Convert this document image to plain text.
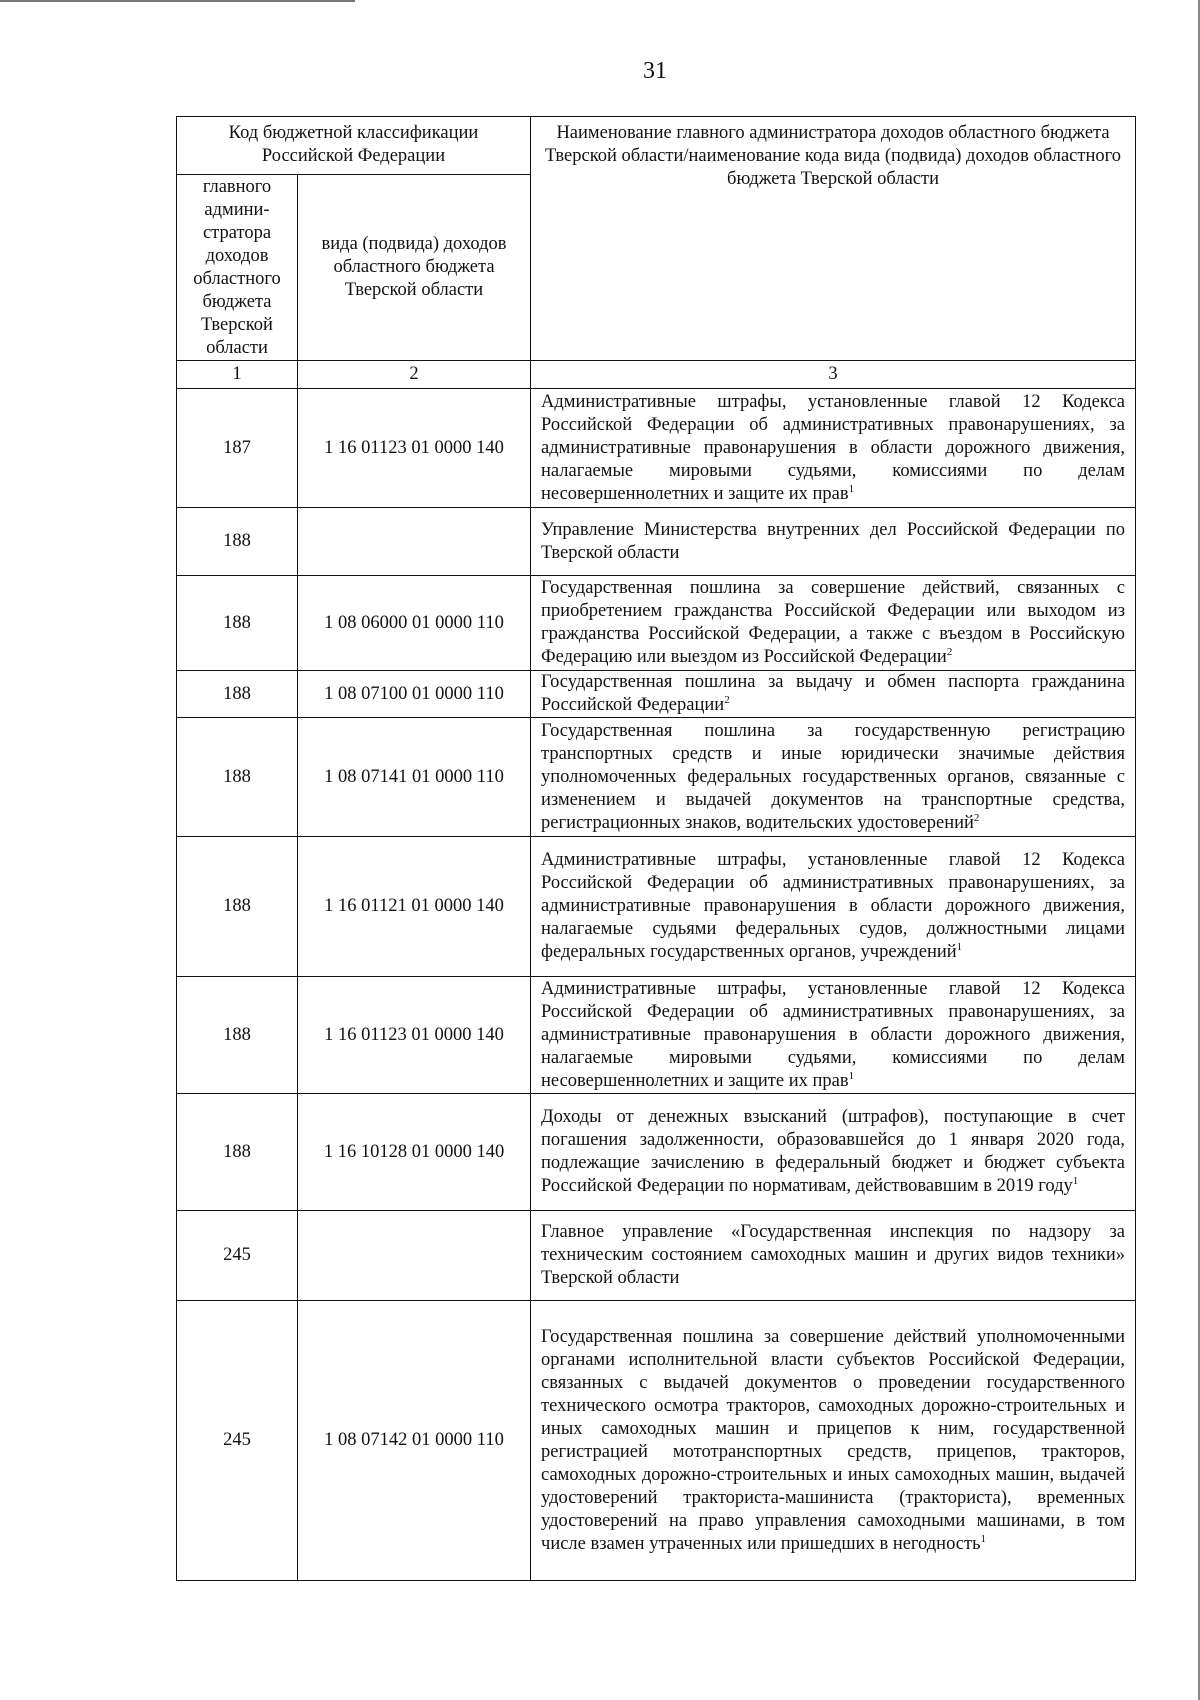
31
Код бюджетной классификации Российской Федерации		Наименование главного администратора доходов областного бюджета Тверской области/наименование кода вида (подвида) доходов областного бюджета Тверской области
главного админи-стратора доходов областного бюджета Тверской области	вида (подвида) доходов областного бюджета Тверской области	
1	2	3
187	1 16 01123 01 0000 140	Административные штрафы, установленные главой 12 Кодекса Российской Федерации об административных правонарушениях, за административные правонарушения в области дорожного движения, налагаемые мировыми судьями, комиссиями по делам несовершеннолетних и защите их прав$^1$
188		Управление Министерства внутренних дел Российской Федерации по Тверской области
188	1 08 06000 01 0000 110	Государственная пошлина за совершение действий, связанных с приобретением гражданства Российской Федерации или выходом из гражданства Российской Федерации, а также с въездом в Российскую Федерацию или выездом из Российской Федерации$^2$
188	1 08 07100 01 0000 110	Государственная пошлина за выдачу и обмен паспорта гражданина Российской Федерации$^2$
188	1 08 07141 01 0000 110	Государственная пошлина за государственную регистрацию транспортных средств и иные юридически значимые действия уполномоченных федеральных государственных органов, связанные с изменением и выдачей документов на транспортные средства, регистрационных знаков, водительских удостоверений$^2$
188	1 16 01121 01 0000 140	Административные штрафы, установленные главой 12 Кодекса Российской Федерации об административных правонарушениях, за административные правонарушения в области дорожного движения, налагаемые судьями федеральных судов, должностными лицами федеральных государственных органов, учреждений$^1$
188	1 16 01123 01 0000 140	Административные штрафы, установленные главой 12 Кодекса Российской Федерации об административных правонарушениях, за административные правонарушения в области дорожного движения, налагаемые мировыми судьями, комиссиями по делам несовершеннолетних и защите их прав$^1$
188	1 16 10128 01 0000 140	Доходы от денежных взысканий (штрафов), поступающие в счет погашения задолженности, образовавшейся до 1 января 2020 года, подлежащие зачислению в федеральный бюджет и бюджет субъекта Российской Федерации по нормативам, действовавшим в 2019 году$^1$
245		Главное управление «Государственная инспекция по надзору за техническим состоянием самоходных машин и других видов техники» Тверской области
245	1 08 07142 01 0000 110	Государственная пошлина за совершение действий уполномоченными органами исполнительной власти субъектов Российской Федерации, связанных с выдачей документов о проведении государственного технического осмотра тракторов, самоходных дорожно-строительных и иных самоходных машин и прицепов к ним, государственной регистрацией мототранспортных средств, прицепов, тракторов, самоходных дорожно-строительных и иных самоходных машин, выдачей удостоверений тракториста-машиниста (тракториста), временных удостоверений на право управления самоходными машинами, в том числе взамен утраченных или пришедших в негодность$^1$
